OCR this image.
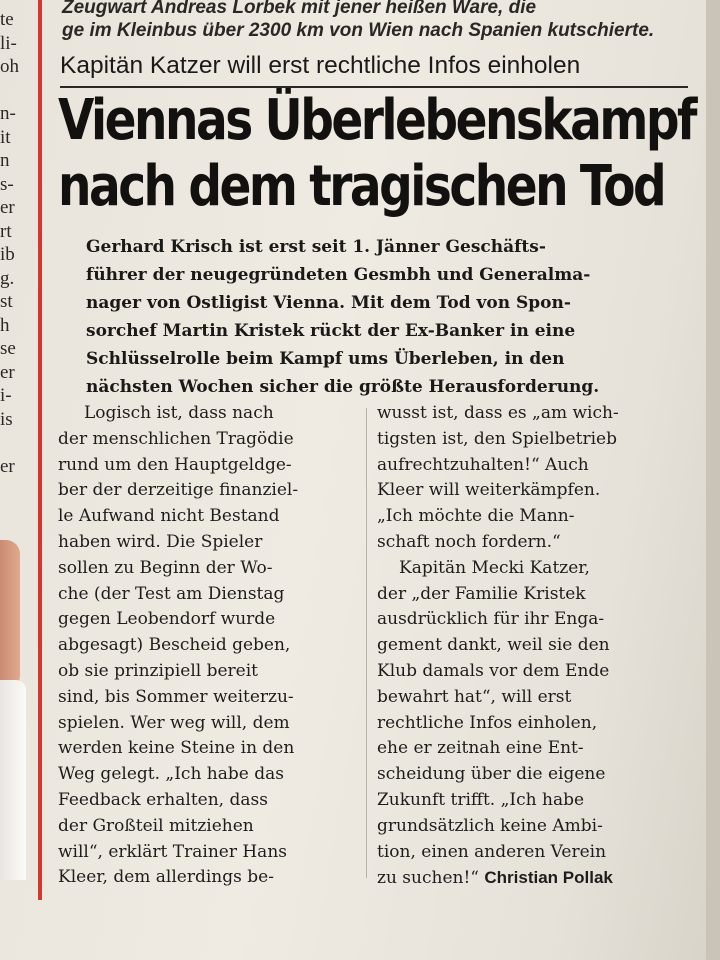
te
li-
oh
n-
it
n
s-
er
rt
ib
g.
st
h
se
er
i-
is
er
Zeugwart Andreas Lorbek mit jener heißen Ware, die
ge im Kleinbus über 2300 km von Wien nach Spanien kutschierte.
Kapitän Katzer will erst rechtliche Infos einholen
Viennas Überlebenskampf
nach dem tragischen Tod
Gerhard Krisch ist erst seit 1. Jänner Geschäfts-
führer der neugegründeten Gesmbh und Generalma-
nager von Ostligist Vienna. Mit dem Tod von Spon-
sorchef Martin Kristek rückt der Ex-Banker in eine
Schlüsselrolle beim Kampf ums Überleben, in den
nächsten Wochen sicher die größte Herausforderung.
Logisch ist, dass nach
der menschlichen Tragödie
rund um den Hauptgeldge-
ber der derzeitige finanziel-
le Aufwand nicht Bestand
haben wird. Die Spieler
sollen zu Beginn der Wo-
che (der Test am Dienstag
gegen Leobendorf wurde
abgesagt) Bescheid geben,
ob sie prinzipiell bereit
sind, bis Sommer weiterzu-
spielen. Wer weg will, dem
werden keine Steine in den
Weg gelegt. „Ich habe das
Feedback erhalten, dass
der Großteil mitziehen
will“, erklärt Trainer Hans
Kleer, dem allerdings be-
wusst ist, dass es „am wich-
tigsten ist, den Spielbetrieb
aufrechtzuhalten!“ Auch
Kleer will weiterkämpfen.
„Ich möchte die Mann-
schaft noch fordern.“
Kapitän Mecki Katzer,
der „der Familie Kristek
ausdrücklich für ihr Enga-
gement dankt, weil sie den
Klub damals vor dem Ende
bewahrt hat“, will erst
rechtliche Infos einholen,
ehe er zeitnah eine Ent-
scheidung über die eigene
Zukunft trifft. „Ich habe
grundsätzlich keine Ambi-
tion, einen anderen Verein
zu suchen!“ Christian Pollak
